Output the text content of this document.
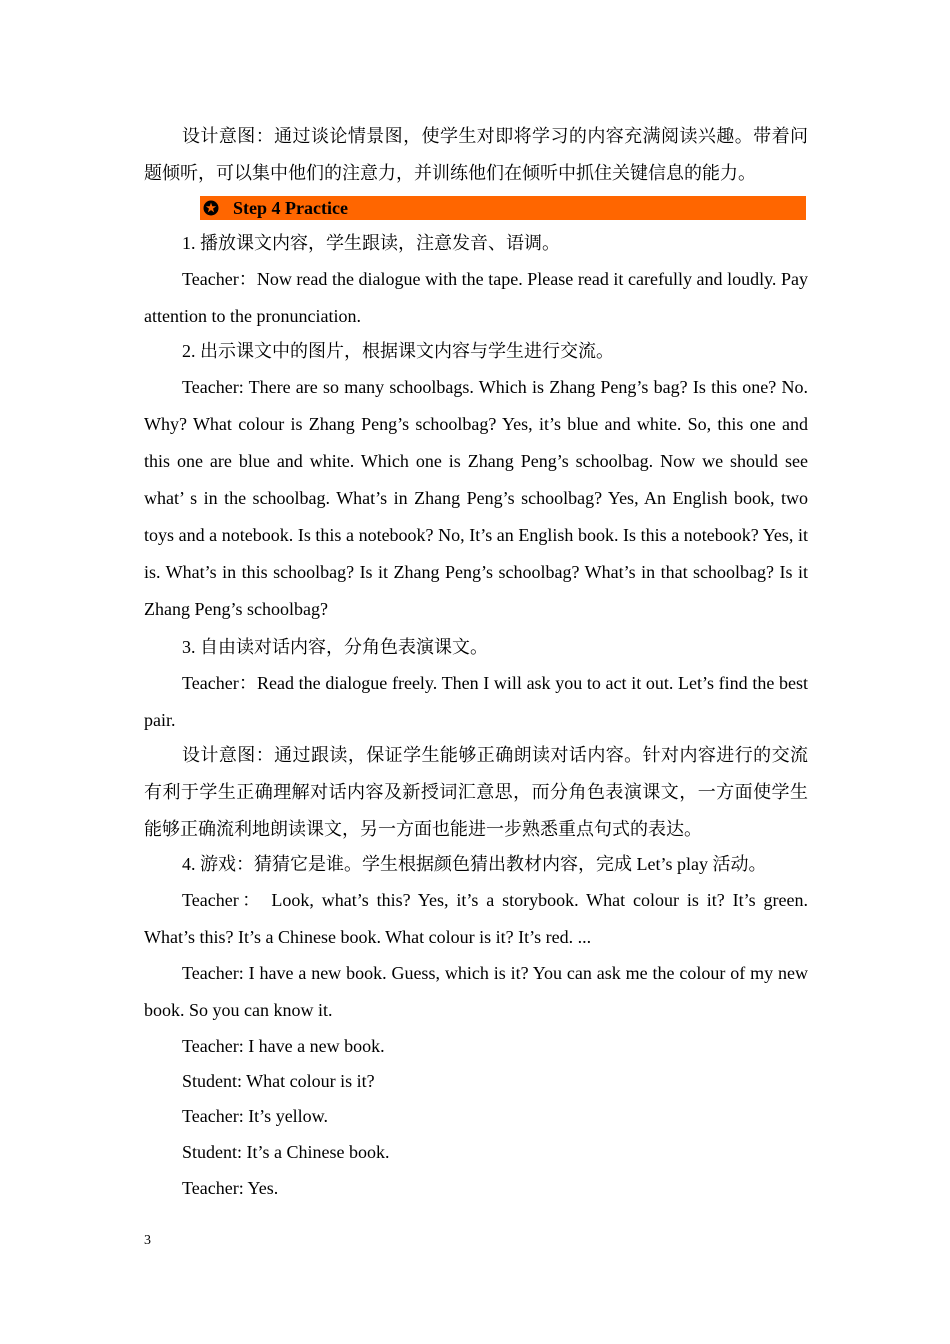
设计意图：通过谈论情景图，使学生对即将学习的内容充满阅读兴趣。带着问题倾听，可以集中他们的注意力，并训练他们在倾听中抓住关键信息的能力。

Step 4 Practice

1. 播放课文内容，学生跟读，注意发音、语调。

Teacher：Now read the dialogue with the tape. Please read it carefully and loudly. Pay attention to the pronunciation.

2. 出示课文中的图片，根据课文内容与学生进行交流。

Teacher: There are so many schoolbags. Which is Zhang Peng’s bag? Is this one? No. Why? What colour is Zhang Peng’s schoolbag? Yes, it’s blue and white. So, this one and this one are blue and white. Which one is Zhang Peng’s schoolbag. Now we should see what’ s in the schoolbag. What’s in Zhang Peng’s schoolbag? Yes, An English book, two toys and a notebook. Is this a notebook? No, It’s an English book. Is this a notebook? Yes, it is. What’s in this schoolbag? Is it Zhang Peng’s schoolbag? What’s in that schoolbag? Is it Zhang Peng’s schoolbag?

3. 自由读对话内容，分角色表演课文。

Teacher：Read the dialogue freely. Then I will ask you to act it out. Let’s find the best pair.

设计意图：通过跟读，保证学生能够正确朗读对话内容。针对内容进行的交流有利于学生正确理解对话内容及新授词汇意思，而分角色表演课文，一方面使学生能够正确流利地朗读课文，另一方面也能进一步熟悉重点句式的表达。

4. 游戏：猜猜它是谁。学生根据颜色猜出教材内容，完成 Let’s play 活动。

Teacher： Look, what’s this? Yes, it’s a storybook. What colour is it? It’s green. What’s this? It’s a Chinese book. What colour is it? It’s red. ...

Teacher: I have a new book. Guess, which is it? You can ask me the colour of my new book. So you can know it.

Teacher: I have a new book.

Student: What colour is it?

Teacher: It’s yellow.

Student: It’s a Chinese book.

Teacher: Yes.

3
